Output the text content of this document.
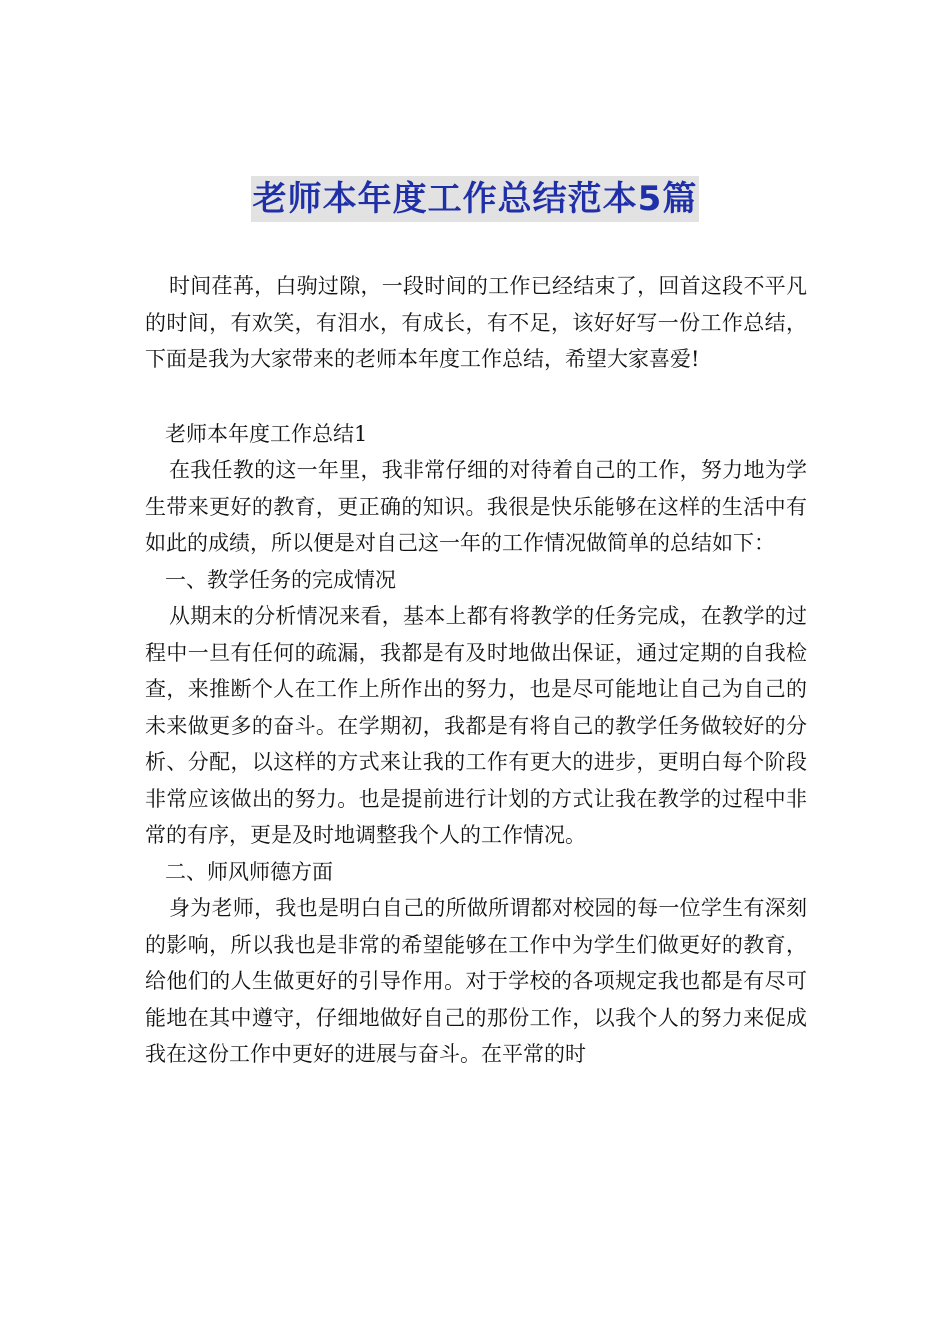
老师本年度工作总结范本5篇

时间荏苒，白驹过隙，一段时间的工作已经结束了，回首这段不平凡的时间，有欢笑，有泪水，有成长，有不足，该好好写一份工作总结，下面是我为大家带来的老师本年度工作总结，希望大家喜爱!

老师本年度工作总结1

在我任教的这一年里，我非常仔细的对待着自己的工作，努力地为学生带来更好的教育，更正确的知识。我很是快乐能够在这样的生活中有如此的成绩，所以便是对自己这一年的工作情况做简单的总结如下：

一、教学任务的完成情况

从期末的分析情况来看，基本上都有将教学的任务完成，在教学的过程中一旦有任何的疏漏，我都是有及时地做出保证，通过定期的自我检查，来推断个人在工作上所作出的努力，也是尽可能地让自己为自己的未来做更多的奋斗。在学期初，我都是有将自己的教学任务做较好的分析、分配，以这样的方式来让我的工作有更大的进步，更明白每个阶段非常应该做出的努力。也是提前进行计划的方式让我在教学的过程中非常的有序，更是及时地调整我个人的工作情况。

二、师风师德方面

身为老师，我也是明白自己的所做所谓都对校园的每一位学生有深刻的影响，所以我也是非常的希望能够在工作中为学生们做更好的教育，给他们的人生做更好的引导作用。对于学校的各项规定我也都是有尽可能地在其中遵守，仔细地做好自己的那份工作，以我个人的努力来促成我在这份工作中更好的进展与奋斗。在平常的时
